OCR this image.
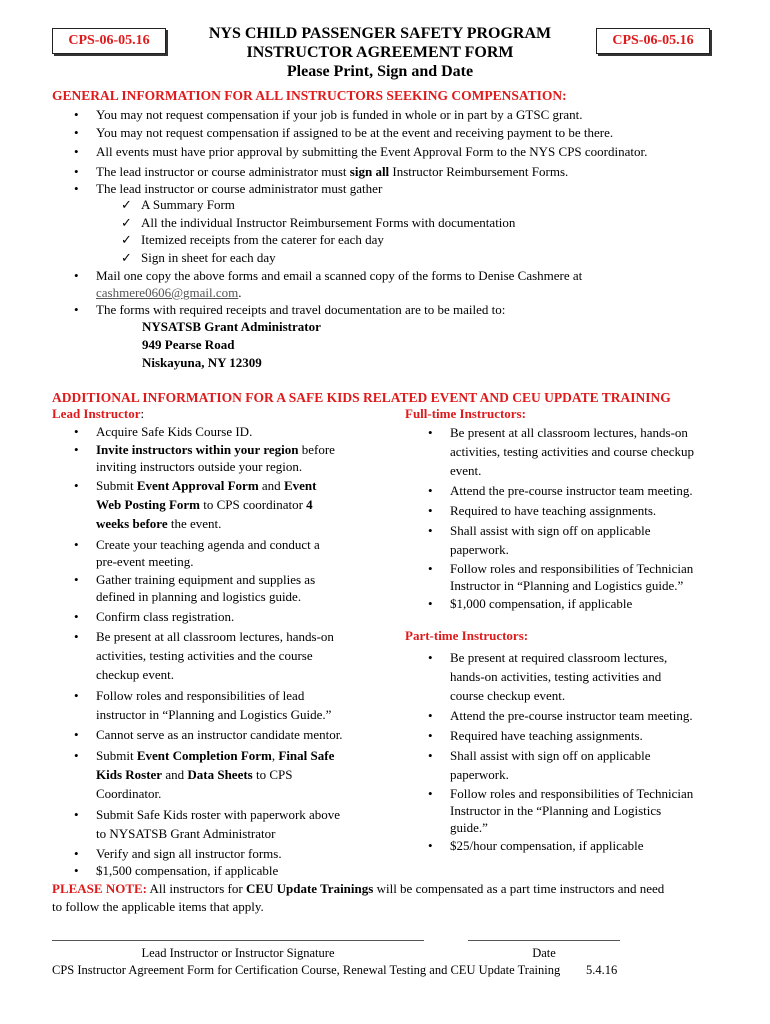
CPS-06-05.16	CPS-06-05.16
NYS CHILD PASSENGER SAFETY PROGRAM
INSTRUCTOR AGREEMENT FORM
Please Print, Sign and Date
GENERAL INFORMATION FOR ALL INSTRUCTORS SEEKING COMPENSATION:
• You may not request compensation if your job is funded in whole or in part by a GTSC grant.
• You may not request compensation if assigned to be at the event and receiving payment to be there.
• All events must have prior approval by submitting the Event Approval Form to the NYS CPS coordinator.
• The lead instructor or course administrator must sign all Instructor Reimbursement Forms.
• The lead instructor or course administrator must gather
✓ A Summary Form
✓ All the individual Instructor Reimbursement Forms with documentation
✓ Itemized receipts from the caterer for each day
✓ Sign in sheet for each day
• Mail one copy the above forms and email a scanned copy of the forms to Denise Cashmere at
cashmere0606@gmail.com.
• The forms with required receipts and travel documentation are to be mailed to:
NYSATSB Grant Administrator
949 Pearse Road
Niskayuna, NY 12309
ADDITIONAL INFORMATION FOR A SAFE KIDS RELATED EVENT AND CEU UPDATE TRAINING
Lead Instructor:	Full-time Instructors:
• Acquire Safe Kids Course ID.
• Invite instructors within your region before
inviting instructors outside your region.
• Submit Event Approval Form and Event
Web Posting Form to CPS coordinator 4
weeks before the event.
• Create your teaching agenda and conduct a
pre-event meeting.
• Gather training equipment and supplies as
defined in planning and logistics guide.
• Confirm class registration.
• Be present at all classroom lectures, hands-on
activities, testing activities and the course
checkup event.
• Follow roles and responsibilities of lead
instructor in “Planning and Logistics Guide.”
• Cannot serve as an instructor candidate mentor.
• Submit Event Completion Form, Final Safe
Kids Roster and Data Sheets to CPS
Coordinator.
• Submit Safe Kids roster with paperwork above
to NYSATSB Grant Administrator
• Verify and sign all instructor forms.
• $1,500 compensation, if applicable
• Be present at all classroom lectures, hands-on
activities, testing activities and course checkup
event.
• Attend the pre-course instructor team meeting.
• Required to have teaching assignments.
• Shall assist with sign off on applicable
paperwork.
• Follow roles and responsibilities of Technician
Instructor in “Planning and Logistics guide.”
• $1,000 compensation, if applicable
Part-time Instructors:
• Be present at required classroom lectures,
hands-on activities, testing activities and
course checkup event.
• Attend the pre-course instructor team meeting.
• Required have teaching assignments.
• Shall assist with sign off on applicable
paperwork.
• Follow roles and responsibilities of Technician
Instructor in the “Planning and Logistics
guide.”
• $25/hour compensation, if applicable
PLEASE NOTE: All instructors for CEU Update Trainings will be compensated as a part time instructors and need
to follow the applicable items that apply.
Lead Instructor or Instructor Signature	Date
CPS Instructor Agreement Form for Certification Course, Renewal Testing and CEU Update Training 5.4.16
